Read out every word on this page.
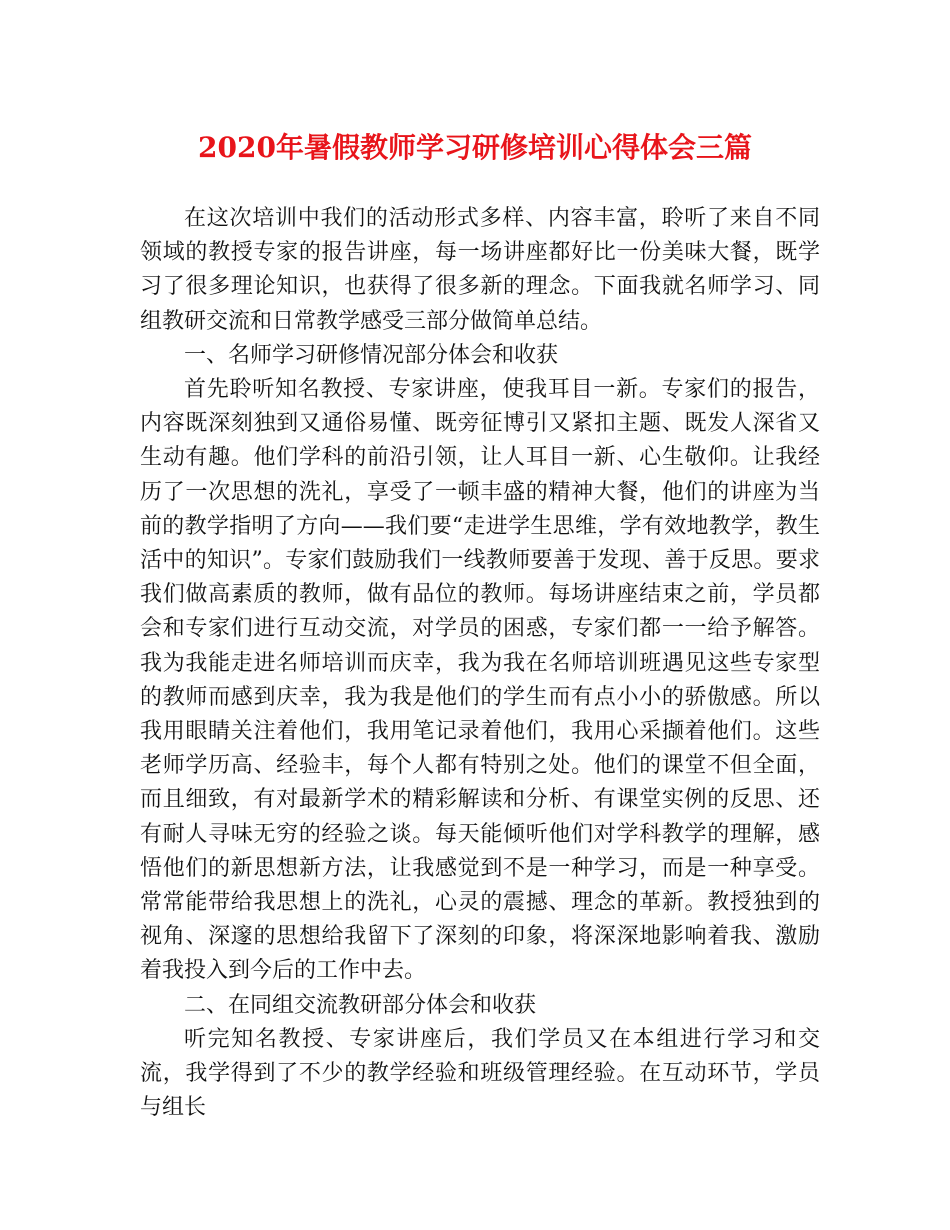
2020年暑假教师学习研修培训心得体会三篇

在这次培训中我们的活动形式多样、内容丰富，聆听了来自不同领域的教授专家的报告讲座，每一场讲座都好比一份美味大餐，既学习了很多理论知识，也获得了很多新的理念。下面我就名师学习、同组教研交流和日常教学感受三部分做简单总结。

一、名师学习研修情况部分体会和收获

首先聆听知名教授、专家讲座，使我耳目一新。专家们的报告，内容既深刻独到又通俗易懂、既旁征博引又紧扣主题、既发人深省又生动有趣。他们学科的前沿引领，让人耳目一新、心生敬仰。让我经历了一次思想的洗礼，享受了一顿丰盛的精神大餐，他们的讲座为当前的教学指明了方向——我们要“走进学生思维，学有效地教学，教生活中的知识”。专家们鼓励我们一线教师要善于发现、善于反思。要求我们做高素质的教师，做有品位的教师。每场讲座结束之前，学员都会和专家们进行互动交流，对学员的困惑，专家们都一一给予解答。我为我能走进名师培训而庆幸，我为我在名师培训班遇见这些专家型的教师而感到庆幸，我为我是他们的学生而有点小小的骄傲感。所以我用眼睛关注着他们，我用笔记录着他们，我用心采撷着他们。这些老师学历高、经验丰，每个人都有特别之处。他们的课堂不但全面，而且细致，有对最新学术的精彩解读和分析、有课堂实例的反思、还有耐人寻味无穷的经验之谈。每天能倾听他们对学科教学的理解，感悟他们的新思想新方法，让我感觉到不是一种学习，而是一种享受。常常能带给我思想上的洗礼，心灵的震撼、理念的革新。教授独到的视角、深邃的思想给我留下了深刻的印象，将深深地影响着我、激励着我投入到今后的工作中去。

二、在同组交流教研部分体会和收获

听完知名教授、专家讲座后，我们学员又在本组进行学习和交流，我学得到了不少的教学经验和班级管理经验。在互动环节，学员与组长
